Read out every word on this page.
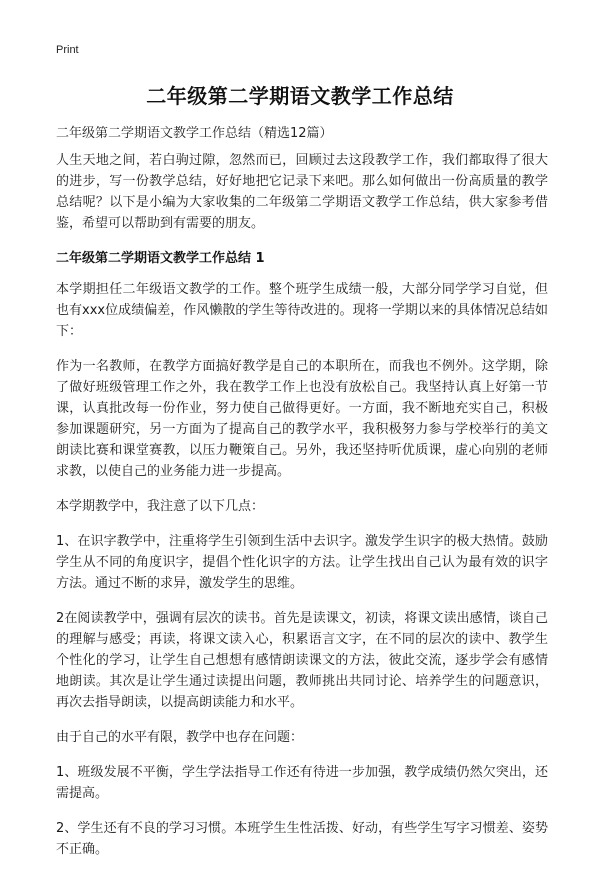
Print
二年级第二学期语文教学工作总结
二年级第二学期语文教学工作总结（精选12篇）

人生天地之间，若白驹过隙，忽然而已，回顾过去这段教学工作，我们都取得了很大的进步，写一份教学总结，好好地把它记录下来吧。那么如何做出一份高质量的教学总结呢？以下是小编为大家收集的二年级第二学期语文教学工作总结，供大家参考借鉴，希望可以帮助到有需要的朋友。

二年级第二学期语文教学工作总结 1

本学期担任二年级语文教学的工作。整个班学生成绩一般，大部分同学学习自觉，但也有xxx位成绩偏差，作风懒散的学生等待改进的。现将一学期以来的具体情况总结如下：

作为一名教师，在教学方面搞好教学是自己的本职所在，而我也不例外。这学期，除了做好班级管理工作之外，我在教学工作上也没有放松自己。我坚持认真上好第一节课，认真批改每一份作业，努力使自己做得更好。一方面，我不断地充实自己，积极参加课题研究，另一方面为了提高自己的教学水平，我积极努力参与学校举行的美文朗读比赛和课堂赛教，以压力鞭策自己。另外，我还坚持听优质课，虚心向别的老师求教，以使自己的业务能力进一步提高。

本学期教学中，我注意了以下几点：

1、在识字教学中，注重将学生引领到生活中去识字。激发学生识字的极大热情。鼓励学生从不同的角度识字，提倡个性化识字的方法。让学生找出自己认为最有效的识字方法。通过不断的求异，激发学生的思维。

2在阅读教学中，强调有层次的读书。首先是读课文，初读，将课文读出感情，谈自己的理解与感受；再读，将课文读入心，积累语言文字，在不同的层次的读中、教学生个性化的学习，让学生自己想想有感情朗读课文的方法，彼此交流，逐步学会有感情地朗读。其次是让学生通过读提出问题，教师挑出共同讨论、培养学生的问题意识，再次去指导朗读，以提高朗读能力和水平。

由于自己的水平有限，教学中也存在问题：

1、班级发展不平衡，学生学法指导工作还有待进一步加强，教学成绩仍然欠突出，还需提高。

2、学生还有不良的学习习惯。本班学生生性活拨、好动，有些学生写字习惯差、姿势不正确。
